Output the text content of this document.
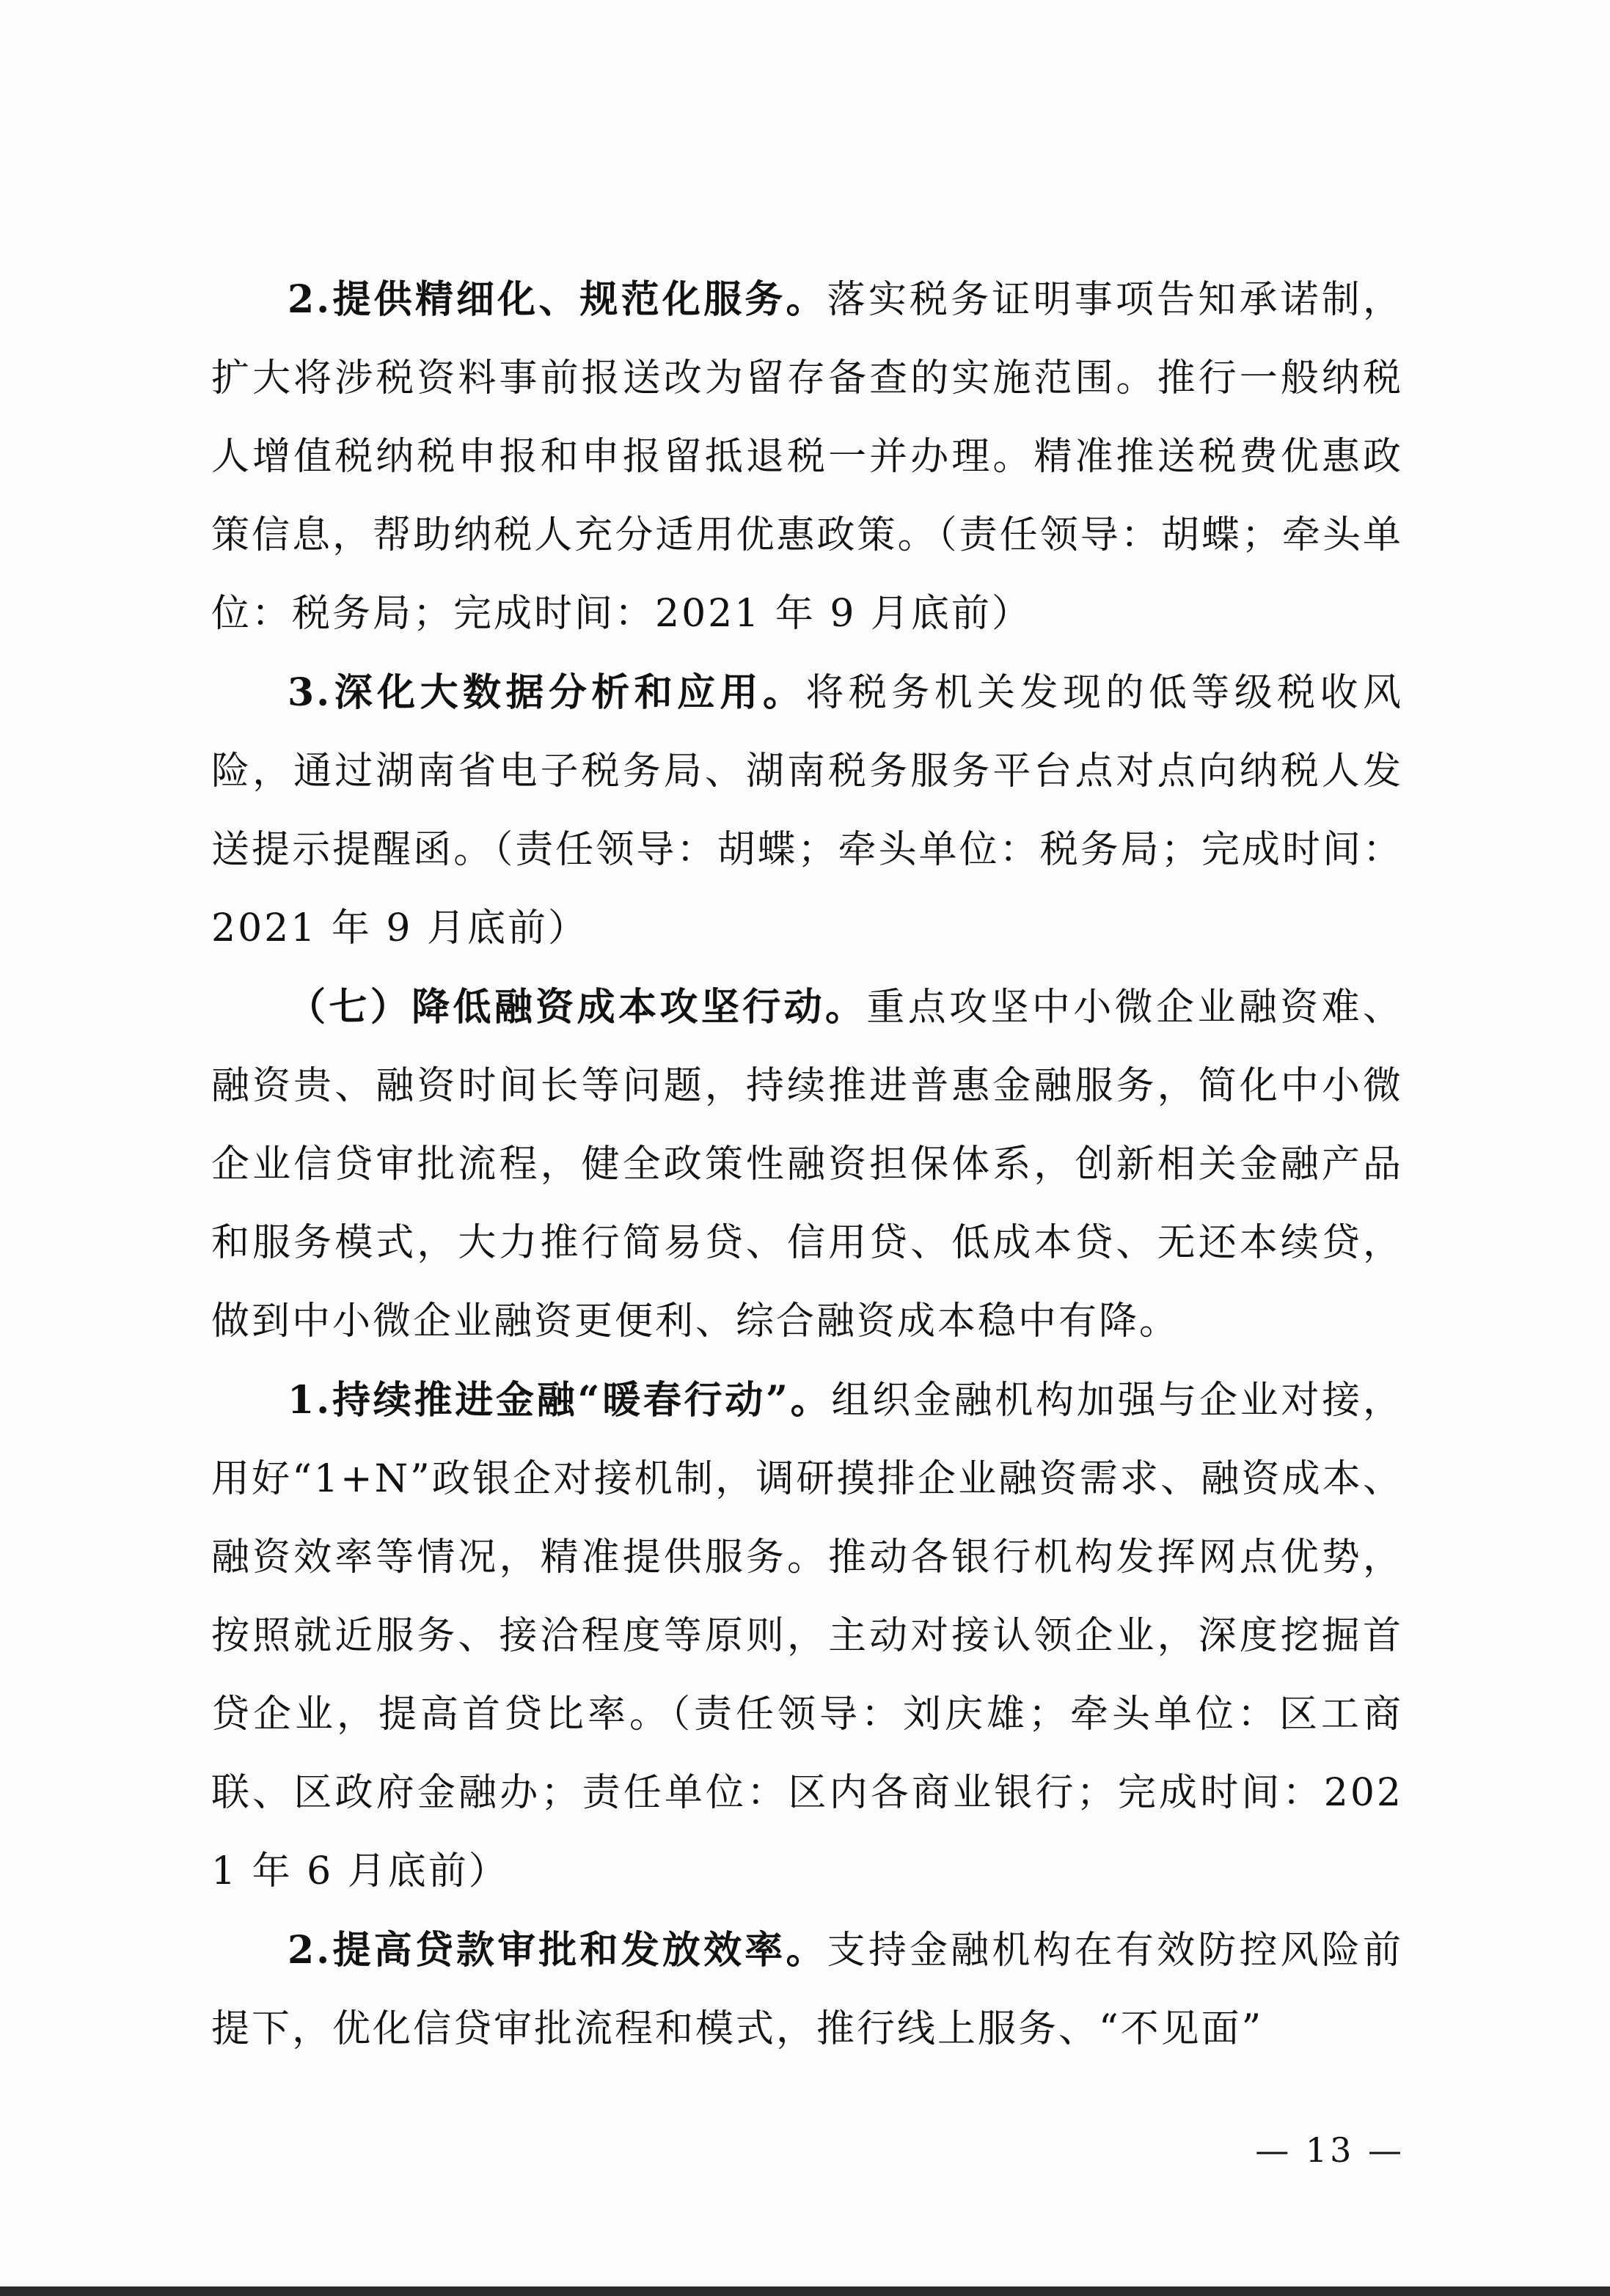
2.提供精细化、规范化服务。落实税务证明事项告知承诺制，扩大将涉税资料事前报送改为留存备查的实施范围。推行一般纳税人增值税纳税申报和申报留抵退税一并办理。精准推送税费优惠政策信息，帮助纳税人充分适用优惠政策。（责任领导：胡蝶；牵头单位：税务局；完成时间：2021 年 9 月底前）

3.深化大数据分析和应用。将税务机关发现的低等级税收风险，通过湖南省电子税务局、湖南税务服务平台点对点向纳税人发送提示提醒函。（责任领导：胡蝶；牵头单位：税务局；完成时间：2021 年 9 月底前）

（七）降低融资成本攻坚行动。重点攻坚中小微企业融资难、融资贵、融资时间长等问题，持续推进普惠金融服务，简化中小微企业信贷审批流程，健全政策性融资担保体系，创新相关金融产品和服务模式，大力推行简易贷、信用贷、低成本贷、无还本续贷，做到中小微企业融资更便利、综合融资成本稳中有降。

1.持续推进金融“暖春行动”。组织金融机构加强与企业对接，用好“1+N”政银企对接机制，调研摸排企业融资需求、融资成本、融资效率等情况，精准提供服务。推动各银行机构发挥网点优势，按照就近服务、接洽程度等原则，主动对接认领企业，深度挖掘首贷企业，提高首贷比率。（责任领导：刘庆雄；牵头单位：区工商联、区政府金融办；责任单位：区内各商业银行；完成时间：2021 年 6 月底前）

2.提高贷款审批和发放效率。支持金融机构在有效防控风险前提下，优化信贷审批流程和模式，推行线上服务、“不见面”

— 13 —
